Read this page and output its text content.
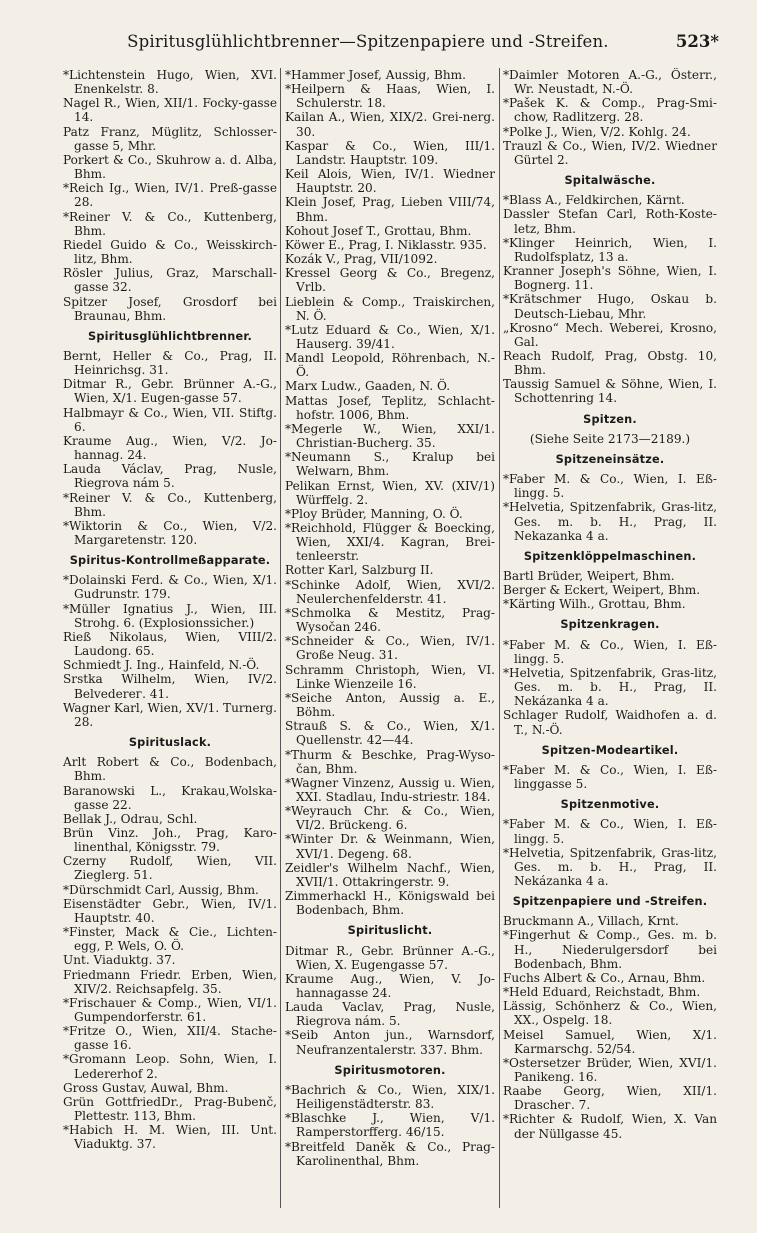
Spiritusglühlichtbrenner—Spitzenpapiere und -Streifen.	523*
*Lichtenstein Hugo, Wien, XVI. Enenkelstr. 8.
Nagel R., Wien, XII/1. Focky-gasse 14.
Patz Franz, Müglitz, Schlosser-gasse 5, Mhr.
Porkert & Co., Skuhrow a. d. Alba, Bhm.
*Reich Ig., Wien, IV/1. Preß-gasse 28.
*Reiner V. & Co., Kuttenberg, Bhm.
Riedel Guido & Co., Weisskirch-litz, Bhm.
Rösler Julius, Graz, Marschall-gasse 32.
Spitzer Josef, Grosdorf bei Braunau, Bhm.
Spiritusglühlichtbrenner.
Bernt, Heller & Co., Prag, II. Heinrichsg. 31.
Ditmar R., Gebr. Brünner A.-G., Wien, X/1. Eugen-gasse 57.
Halbmayr & Co., Wien, VII. Stiftg. 6.
Kraume Aug., Wien, V/2. Jo-hannag. 24.
Lauda Václav, Prag, Nusle, Riegrova nám 5.
*Reiner V. & Co., Kuttenberg, Bhm.
*Wiktorin & Co., Wien, V/2. Margaretenstr. 120.
Spiritus-Kontrollmeßapparate.
*Dolainski Ferd. & Co., Wien, X/1. Gudrunstr. 179.
*Müller Ignatius J., Wien, III. Strohg. 6. (Explosionssicher.)
Rieß Nikolaus, Wien, VIII/2. Laudong. 65.
Schmiedt J. Ing., Hainfeld, N.-Ö.
Srstka Wilhelm, Wien, IV/2. Belvederег. 41.
Wagner Karl, Wien, XV/1. Turnerg. 28.
Spirituslack.
Arlt Robert & Co., Bodenbach, Bhm.
Baranowski L., Krakau,Wolska-gasse 22.
Bellak J., Odrau, Schl.
Brün Vinz. Joh., Prag, Karo-linenthal, Königsstr. 79.
Czerny Rudolf, Wien, VII. Zieglerg. 51.
*Dürschmidt Carl, Aussig, Bhm.
Eisenstädter Gebr., Wien, IV/1. Hauptstr. 40.
*Finster, Mack & Cie., Lichten-egg, P. Wels, O. Ö.
Unt. Viaduktg. 37.
Friedmann Friedr. Erben, Wien, XIV/2. Reichsapfelg. 35.
*Frischauer & Comp., Wien, VI/1. Gumpendorferstr. 61.
*Fritze O., Wien, XII/4. Stache-gasse 16.
*Gromann Leop. Sohn, Wien, I. Ledererhof 2.
Gross Gustav, Auwal, Bhm.
Grün GottfriedDr., Prag-Bubenč, Plettestr. 113, Bhm.
*Habich H. M. Wien, III. Unt. Viaduktg. 37.
*Hammer Josef, Aussig, Bhm.
*Heilpern & Haas, Wien, I. Schulerstr. 18.
Kailan A., Wien, XIX/2. Grei-nerg. 30.
Kaspar & Co., Wien, III/1. Landstr. Hauptstr. 109.
Keil Alois, Wien, IV/1. Wiedner Hauptstr. 20.
Klein Josef, Prag, Lieben VIII/74, Bhm.
Kohout Josef T., Grottau, Bhm.
Köwer E., Prag, I. Niklasstr. 935.
Kozák V., Prag, VII/1092.
Kressel Georg & Co., Bregenz, Vrlb.
Lieblein & Comp., Traiskirchen, N. Ö.
*Lutz Eduard & Co., Wien, X/1. Hauserg. 39/41.
Mandl Leopold, Röhrenbach, N.-Ö.
Marx Ludw., Gaaden, N. Ö.
Mattas Josef, Teplitz, Schlacht-hofstr. 1006, Bhm.
*Megerle W., Wien, XXI/1. Christian-Bucherg. 35.
*Neumann S., Kralup bei Welwarn, Bhm.
Pelikan Ernst, Wien, XV. (XIV/1) Würffelg. 2.
*Ploy Brüder, Manning, O. Ö.
*Reichhold, Flügger & Boecking, Wien, XXI/4. Kagran, Brei-tenleerstr.
Rotter Karl, Salzburg II.
*Schinke Adolf, Wien, XVI/2. Neulerchenfelderstr. 41.
*Schmolka & Mestitz, Prag-Wysočan 246.
*Schneider & Co., Wien, IV/1. Große Neug. 31.
Schramm Christoph, Wien, VI. Linke Wienzeile 16.
*Seiche Anton, Aussig a. E., Böhm.
Strauß S. & Co., Wien, X/1. Quellenstr. 42—44.
*Thurm & Beschke, Prag-Wyso-čan, Bhm.
*Wagner Vinzenz, Aussig u. Wien, XXI. Stadlau, Indu-striestr. 184.
*Weyrauch Chr. & Co., Wien, VI/2. Brückeng. 6.
*Winter Dr. & Weinmann, Wien, XVI/1. Degeng. 68.
Zeidler's Wilhelm Nachf., Wien, XVII/1. Ottakringerstr. 9.
Zimmerhackl H., Königswald bei Bodenbach, Bhm.
Spirituslicht.
Ditmar R., Gebr. Brünner A.-G., Wien, X. Eugengasse 57.
Kraume Aug., Wien, V. Jo-hannagasse 24.
Lauda Vaclav, Prag, Nusle, Riegrova nám. 5.
*Seib Anton jun., Warnsdorf, Neufranzentalerstr. 337. Bhm.
Spiritusmotoren.
*Bachrich & Co., Wien, XIX/1. Heiligenstädterstr. 83.
*Blaschke J., Wien, V/1. Ramperstorfferg. 46/15.
*Breitfeld Daněk & Co., Prag-Karolinenthal, Bhm.
*Daimler Motoren A.-G., Österr., Wr. Neustadt, N.-Ö.
*Pašek K. & Comp., Prag-Smi-chow, Radlitzerg. 28.
*Polke J., Wien, V/2. Kohlg. 24.
Trauzl & Co., Wien, IV/2. Wiedner Gürtel 2.
Spitalwäsche.
*Blass A., Feldkirchen, Kärnt.
Dassler Stefan Carl, Roth-Koste-letz, Bhm.
*Klinger Heinrich, Wien, I. Rudolfsplatz, 13 a.
Kranner Joseph's Söhne, Wien, I. Bognerg. 11.
*Krätschmer Hugo, Oskau b. Deutsch-Liebau, Mhr.
„Krosno“ Mech. Weberei, Krosno, Gal.
Reach Rudolf, Prag, Obstg. 10, Bhm.
Taussig Samuel & Söhne, Wien, I. Schottenring 14.
Spitzen.
(Siehe Seite 2173—2189.)
Spitzeneinsätze.
*Faber M. & Co., Wien, I. Eß-lingg. 5.
*Helvetia, Spitzenfabrik, Gras-litz, Ges. m. b. H., Prag, II. Nekazanka 4 a.
Spitzenklöppelmaschinen.
Bartl Brüder, Weipert, Bhm.
Berger & Eckert, Weipert, Bhm.
*Kärting Wilh., Grottau, Bhm.
Spitzenkragen.
*Faber M. & Co., Wien, I. Eß-lingg. 5.
*Helvetia, Spitzenfabrik, Gras-litz, Ges. m. b. H., Prag, II. Nekázanka 4 a.
Schlager Rudolf, Waidhofen a. d. T., N.-Ö.
Spitzen-Modeartikel.
*Faber M. & Co., Wien, I. Eß-linggasse 5.
Spitzenmotive.
*Faber M. & Co., Wien, I. Eß-lingg. 5.
*Helvetia, Spitzenfabrik, Gras-litz, Ges. m. b. H., Prag, II. Nekázanka 4 a.
Spitzenpapiere und -Streifen.
Bruckmann A., Villach, Krnt.
*Fingerhut & Comp., Ges. m. b. H., Niederulgersdorf bei Bodenbach, Bhm.
Fuchs Albert & Co., Arnau, Bhm.
*Held Eduard, Reichstadt, Bhm.
Lässig, Schönherz & Co., Wien, XX., Ospelg. 18.
Meisel Samuel, Wien, X/1. Karmarschg. 52/54.
*Ostersetzer Brüder, Wien, XVI/1. Panikeng. 16.
Raabe Georg, Wien, XII/1. Draschег. 7.
*Richter & Rudolf, Wien, X. Van der Nüllgasse 45.
